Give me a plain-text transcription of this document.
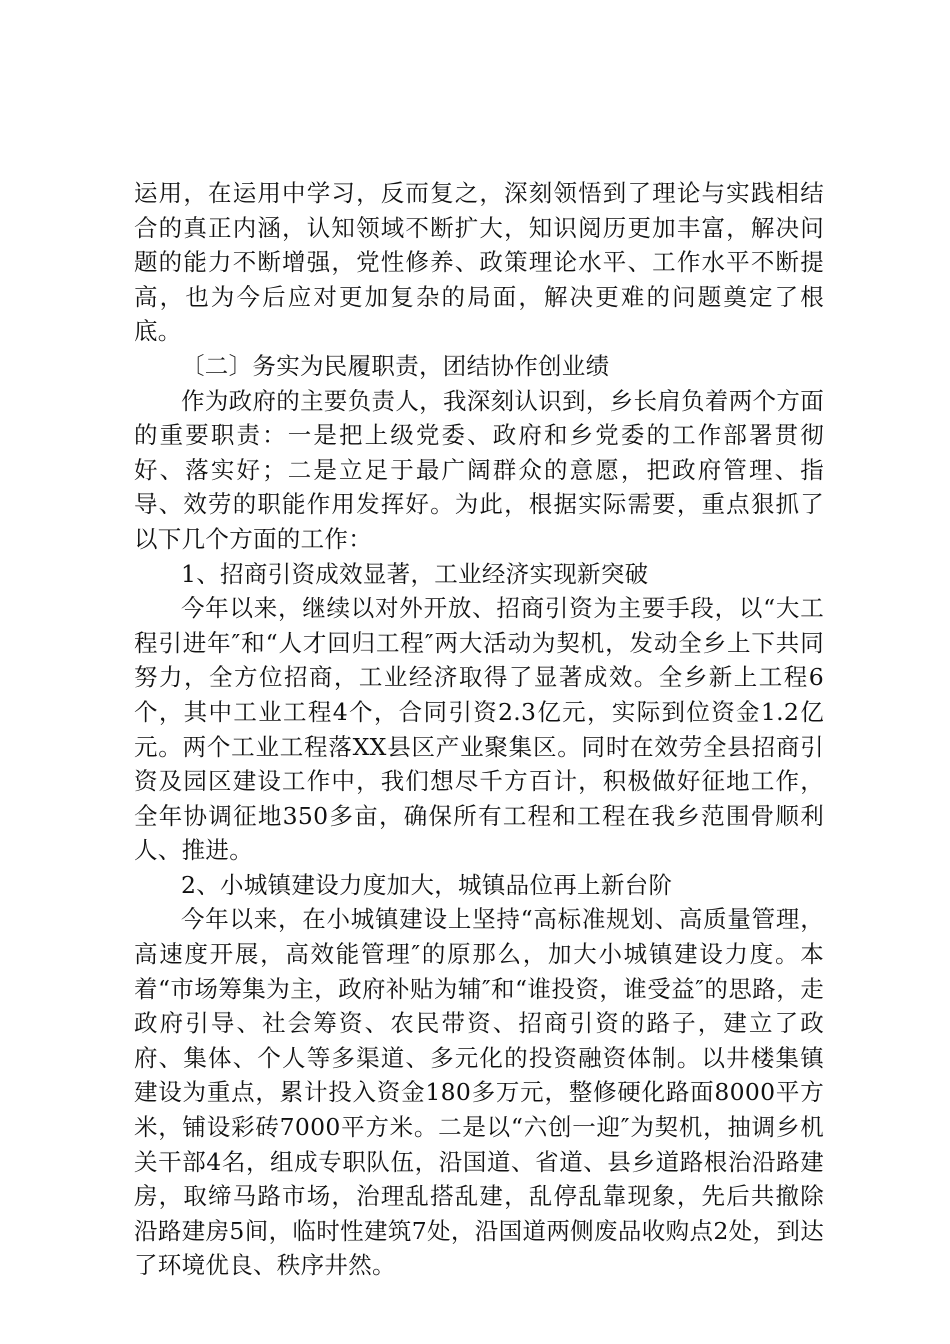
运用，在运用中学习，反而复之，深刻领悟到了理论与实践相结合的真正内涵，认知领域不断扩大，知识阅历更加丰富，解决问题的能力不断增强，党性修养、政策理论水平、工作水平不断提高，也为今后应对更加复杂的局面，解决更难的问题奠定了根底。

〔二〕务实为民履职责，团结协作创业绩

作为政府的主要负责人，我深刻认识到，乡长肩负着两个方面的重要职责：一是把上级党委、政府和乡党委的工作部署贯彻好、落实好；二是立足于最广阔群众的意愿，把政府管理、指导、效劳的职能作用发挥好。为此，根据实际需要，重点狠抓了以下几个方面的工作：

1、招商引资成效显著，工业经济实现新突破

今年以来，继续以对外开放、招商引资为主要手段，以“大工程引进年″和“人才回归工程″两大活动为契机，发动全乡上下共同努力，全方位招商，工业经济取得了显著成效。全乡新上工程6个，其中工业工程4个，合同引资2.3亿元，实际到位资金1.2亿元。两个工业工程落XX县区产业聚集区。同时在效劳全县招商引资及园区建设工作中，我们想尽千方百计，积极做好征地工作，全年协调征地350多亩，确保所有工程和工程在我乡范围骨顺利人、推进。

2、小城镇建设力度加大，城镇品位再上新台阶

今年以来，在小城镇建设上坚持“高标准规划、高质量管理，高速度开展，高效能管理″的原那么，加大小城镇建设力度。本着“市场筹集为主，政府补贴为辅″和“谁投资，谁受益″的思路，走政府引导、社会筹资、农民带资、招商引资的路子，建立了政府、集体、个人等多渠道、多元化的投资融资体制。以井楼集镇建设为重点，累计投入资金180多万元，整修硬化路面8000平方米，铺设彩砖7000平方米。二是以“六创一迎″为契机，抽调乡机关干部4名，组成专职队伍，沿国道、省道、县乡道路根治沿路建房，取缔马路市场，治理乱搭乱建，乱停乱靠现象，先后共撤除沿路建房5间，临时性建筑7处，沿国道两侧废品收购点2处，到达了环境优良、秩序井然。
